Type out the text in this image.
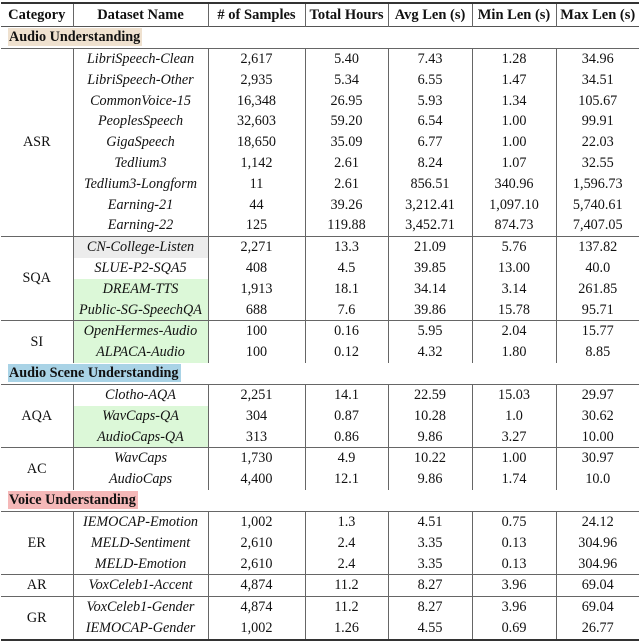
Category	Dataset Name	# of Samples	Total Hours	Avg Len (s)	Min Len (s)	Max Len (s)
Audio Understanding						
ASR	LibriSpeech-Clean	2,617	5.40	7.43	1.28	34.96
	LibriSpeech-Other	2,935	5.34	6.55	1.47	34.51
	CommonVoice-15	16,348	26.95	5.93	1.34	105.67
	PeoplesSpeech	32,603	59.20	6.54	1.00	99.91
	GigaSpeech	18,650	35.09	6.77	1.00	22.03
	Tedlium3	1,142	2.61	8.24	1.07	32.55
	Tedlium3-Longform	11	2.61	856.51	340.96	1,596.73
	Earning-21	44	39.26	3,212.41	1,097.10	5,740.61
	Earning-22	125	119.88	3,452.71	874.73	7,407.05
SQA	CN-College-Listen	2,271	13.3	21.09	5.76	137.82
	SLUE-P2-SQA5	408	4.5	39.85	13.00	40.0
	DREAM-TTS	1,913	18.1	34.14	3.14	261.85
	Public-SG-SpeechQA	688	7.6	39.86	15.78	95.71
SI	OpenHermes-Audio	100	0.16	5.95	2.04	15.77
	ALPACA-Audio	100	0.12	4.32	1.80	8.85
Audio Scene Understanding						
AQA	Clotho-AQA	2,251	14.1	22.59	15.03	29.97
	WavCaps-QA	304	0.87	10.28	1.0	30.62
	AudioCaps-QA	313	0.86	9.86	3.27	10.00
AC	WavCaps	1,730	4.9	10.22	1.00	30.97
	AudioCaps	4,400	12.1	9.86	1.74	10.0
Voice Understanding						
ER	IEMOCAP-Emotion	1,002	1.3	4.51	0.75	24.12
	MELD-Sentiment	2,610	2.4	3.35	0.13	304.96
	MELD-Emotion	2,610	2.4	3.35	0.13	304.96
AR	VoxCeleb1-Accent	4,874	11.2	8.27	3.96	69.04
GR	VoxCeleb1-Gender	4,874	11.2	8.27	3.96	69.04
	IEMOCAP-Gender	1,002	1.26	4.55	0.69	26.77
